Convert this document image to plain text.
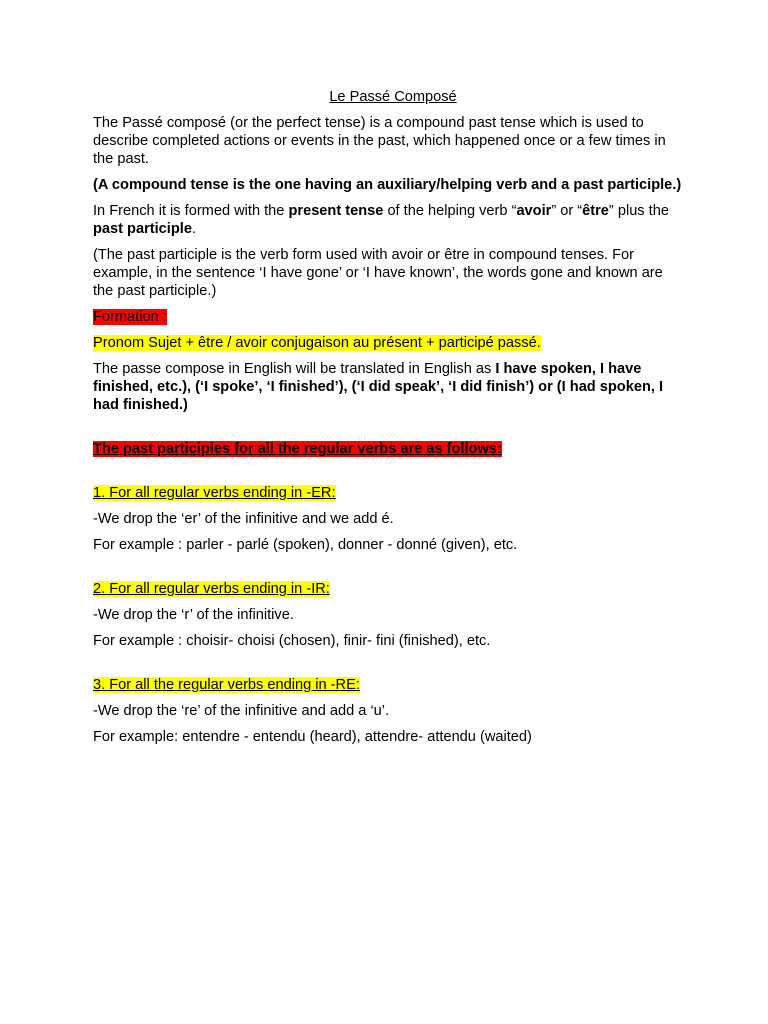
Le Passé Composé

The Passé composé (or the perfect tense) is a compound past tense which is used to describe completed actions or events in the past, which happened once or a few times in the past.

(A compound tense is the one having an auxiliary/helping verb and a past participle.)

In French it is formed with the present tense of the helping verb “avoir” or “être” plus the past participle.

(The past participle is the verb form used with avoir or être in compound tenses. For example, in the sentence ‘I have gone’ or ‘I have known’, the words gone and known are the past participle.)

Formation :

Pronom Sujet + être / avoir conjugaison au présent + participé passé.

The passe compose in English will be translated in English as I have spoken, I have finished, etc.), (‘I spoke’, ‘I finished’), (‘I did speak’, ‘I did finish’) or (I had spoken, I had finished.)

The past participles for all the regular verbs are as follows:

1. For all regular verbs ending in -ER:

-We drop the ‘er’ of the infinitive and we add é.

For example : parler - parlé (spoken), donner - donné (given), etc.

2. For all regular verbs ending in -IR:

-We drop the ‘r’ of the infinitive.

For example : choisir- choisi (chosen), finir- fini (finished), etc.

3. For all the regular verbs ending in -RE:

-We drop the ‘re’ of the infinitive and add a ‘u’.

For example: entendre - entendu (heard), attendre- attendu (waited)
